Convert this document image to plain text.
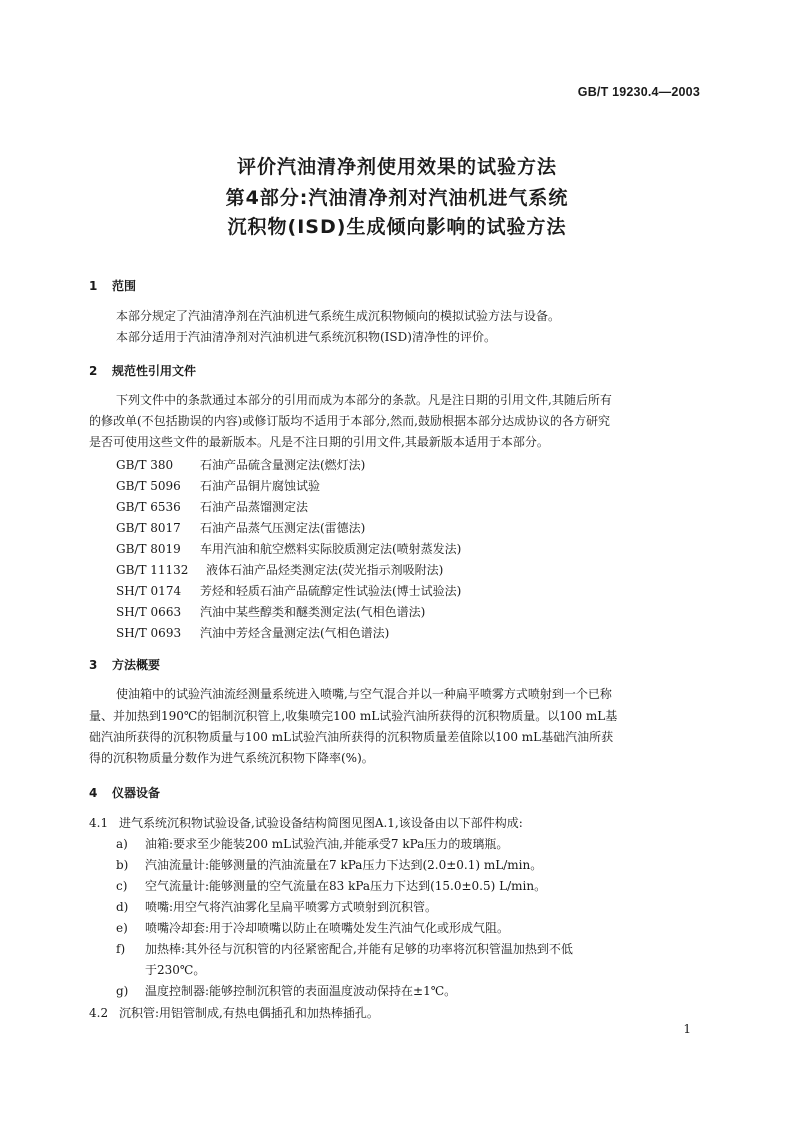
GB/T 19230.4—2003
评价汽油清净剂使用效果的试验方法
第4部分:汽油清净剂对汽油机进气系统
沉积物(ISD)生成倾向影响的试验方法
1 范围
本部分规定了汽油清净剂在汽油机进气系统生成沉积物倾向的模拟试验方法与设备。
本部分适用于汽油清净剂对汽油机进气系统沉积物(ISD)清净性的评价。
2 规范性引用文件
下列文件中的条款通过本部分的引用而成为本部分的条款。凡是注日期的引用文件,其随后所有
的修改单(不包括勘误的内容)或修订版均不适用于本部分,然而,鼓励根据本部分达成协议的各方研究
是否可使用这些文件的最新版本。凡是不注日期的引用文件,其最新版本适用于本部分。
GB/T 380 石油产品硫含量测定法(燃灯法)
GB/T 5096 石油产品铜片腐蚀试验
GB/T 6536 石油产品蒸馏测定法
GB/T 8017 石油产品蒸气压测定法(雷德法)
GB/T 8019 车用汽油和航空燃料实际胶质测定法(喷射蒸发法)
GB/T 11132 液体石油产品烃类测定法(荧光指示剂吸附法)
SH/T 0174 芳烃和轻质石油产品硫醇定性试验法(博士试验法)
SH/T 0663 汽油中某些醇类和醚类测定法(气相色谱法)
SH/T 0693 汽油中芳烃含量测定法(气相色谱法)
3 方法概要
使油箱中的试验汽油流经测量系统进入喷嘴,与空气混合并以一种扁平喷雾方式喷射到一个已称
量、并加热到190℃的铝制沉积管上,收集喷完100 mL试验汽油所获得的沉积物质量。以100 mL基
础汽油所获得的沉积物质量与100 mL试验汽油所获得的沉积物质量差值除以100 mL基础汽油所获
得的沉积物质量分数作为进气系统沉积物下降率(%)。
4 仪器设备
4.1 进气系统沉积物试验设备,试验设备结构简图见图A.1,该设备由以下部件构成:
a) 油箱:要求至少能装200 mL试验汽油,并能承受7 kPa压力的玻璃瓶。
b) 汽油流量计:能够测量的汽油流量在7 kPa压力下达到(2.0±0.1) mL/min。
c) 空气流量计:能够测量的空气流量在83 kPa压力下达到(15.0±0.5) L/min。
d) 喷嘴:用空气将汽油雾化呈扁平喷雾方式喷射到沉积管。
e) 喷嘴冷却套:用于冷却喷嘴以防止在喷嘴处发生汽油气化或形成气阻。
f) 加热棒:其外径与沉积管的内径紧密配合,并能有足够的功率将沉积管温加热到不低
于230℃。
g) 温度控制器:能够控制沉积管的表面温度波动保持在±1℃。
4.2 沉积管:用铝管制成,有热电偶插孔和加热棒插孔。
1
